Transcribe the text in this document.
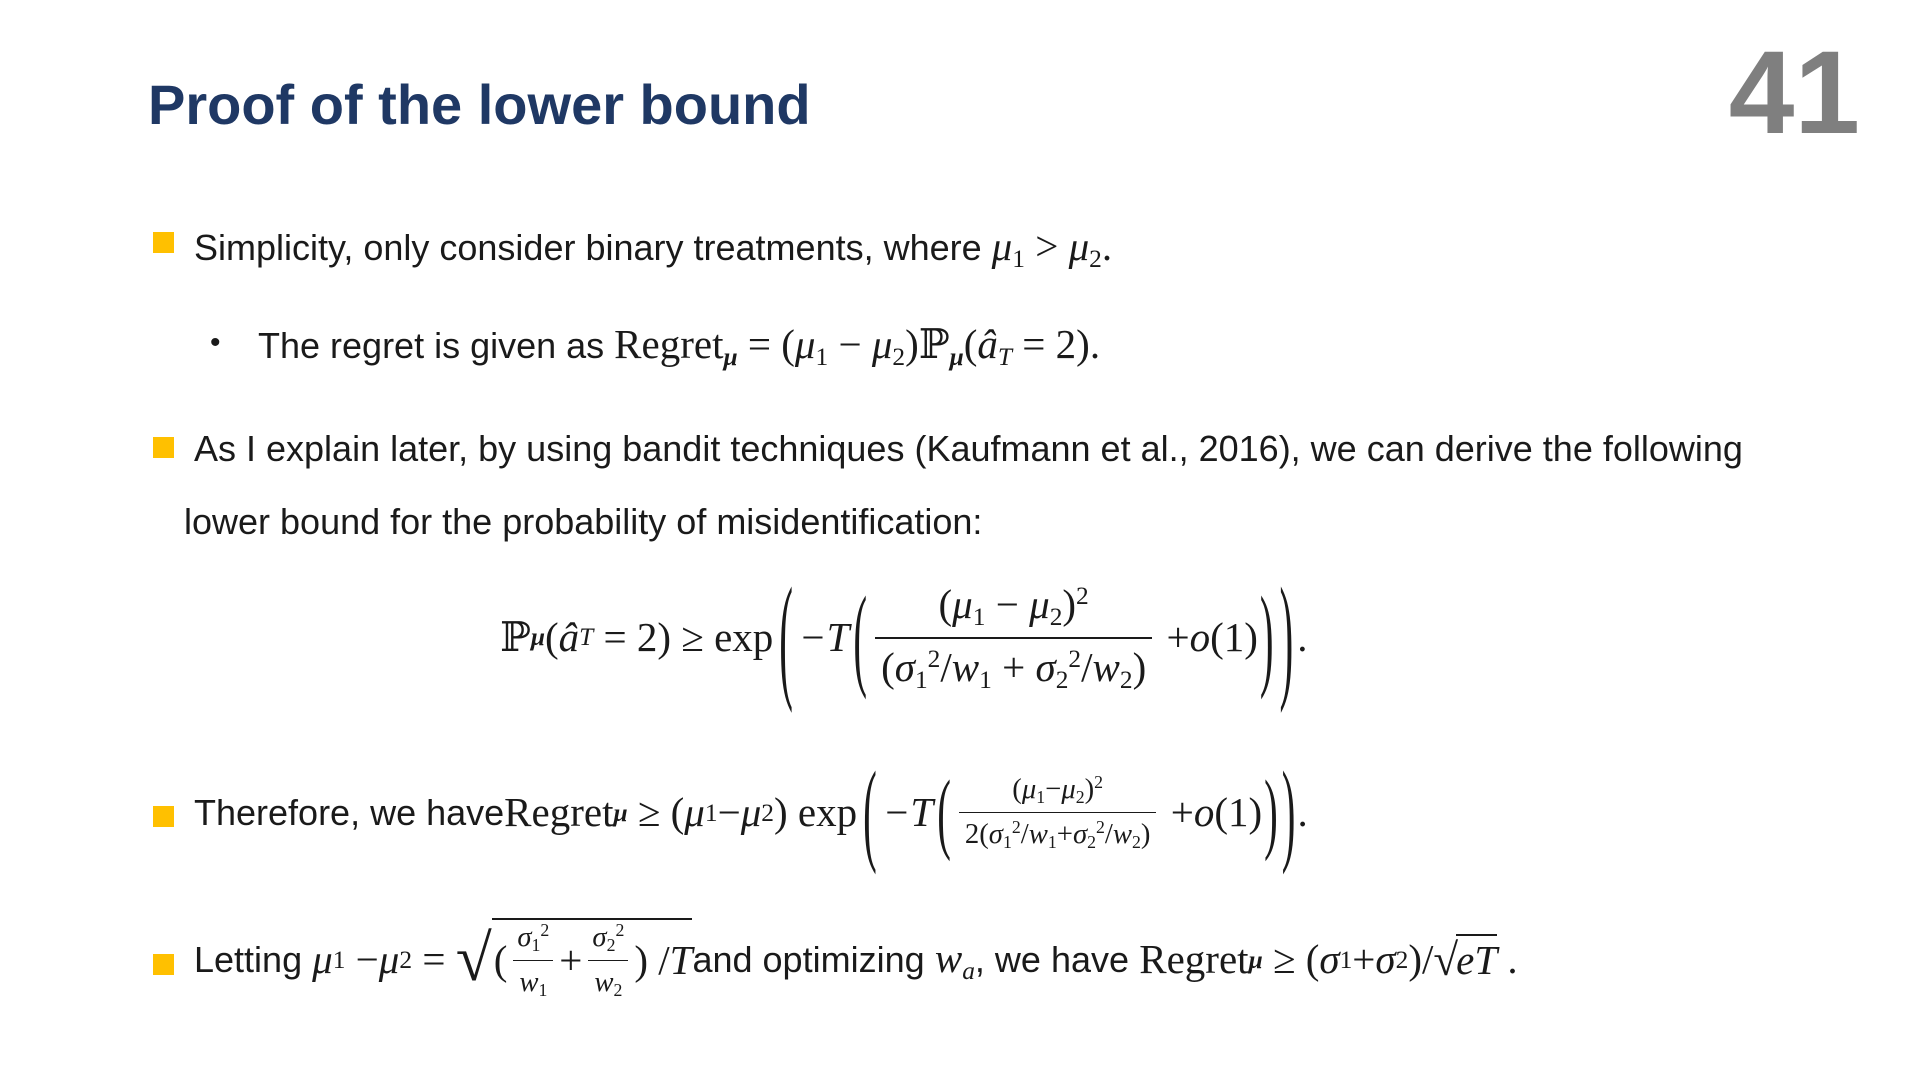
Proof of the lower bound	41
Simplicity, only consider binary treatments, where $\mu_1 > \mu_2$.
• The regret is given as Regret$_\mu$ = ($\mu_1$ − $\mu_2)ℙ_\mu(â_T = 2)$.
As I explain later, by using bandit techniques (Kaufmann et al., 2016), we can derive the following
lower bound for the probability of misidentification:
ℙ μ ( â T = 2) ≥ exp ( −T ( $\frac{(\mu_1 - \mu_2)^2}{(\sigma_1^2/w_1 + \sigma_2^2/w_2)} + o$ (1) ) ) .
Therefore, we have Regret μ ≥ ( μ 1 − μ 2 ) exp ( −T ( $\frac{(\mu_1-\mu_2)^2}{2(\sigma_1^2/w_1+\sigma_2^2/w_2)} + o$ (1) ) ) .
Letting
μ 1 − μ 2 = √ ( $\frac{\sigma_1^2}{w_1} + \frac{\sigma_2^2}{w_2}$ ) / T and optimizing $w_a$ , we have
Regret μ ≥ ( σ 1 + σ 2 )/ √
eT .
